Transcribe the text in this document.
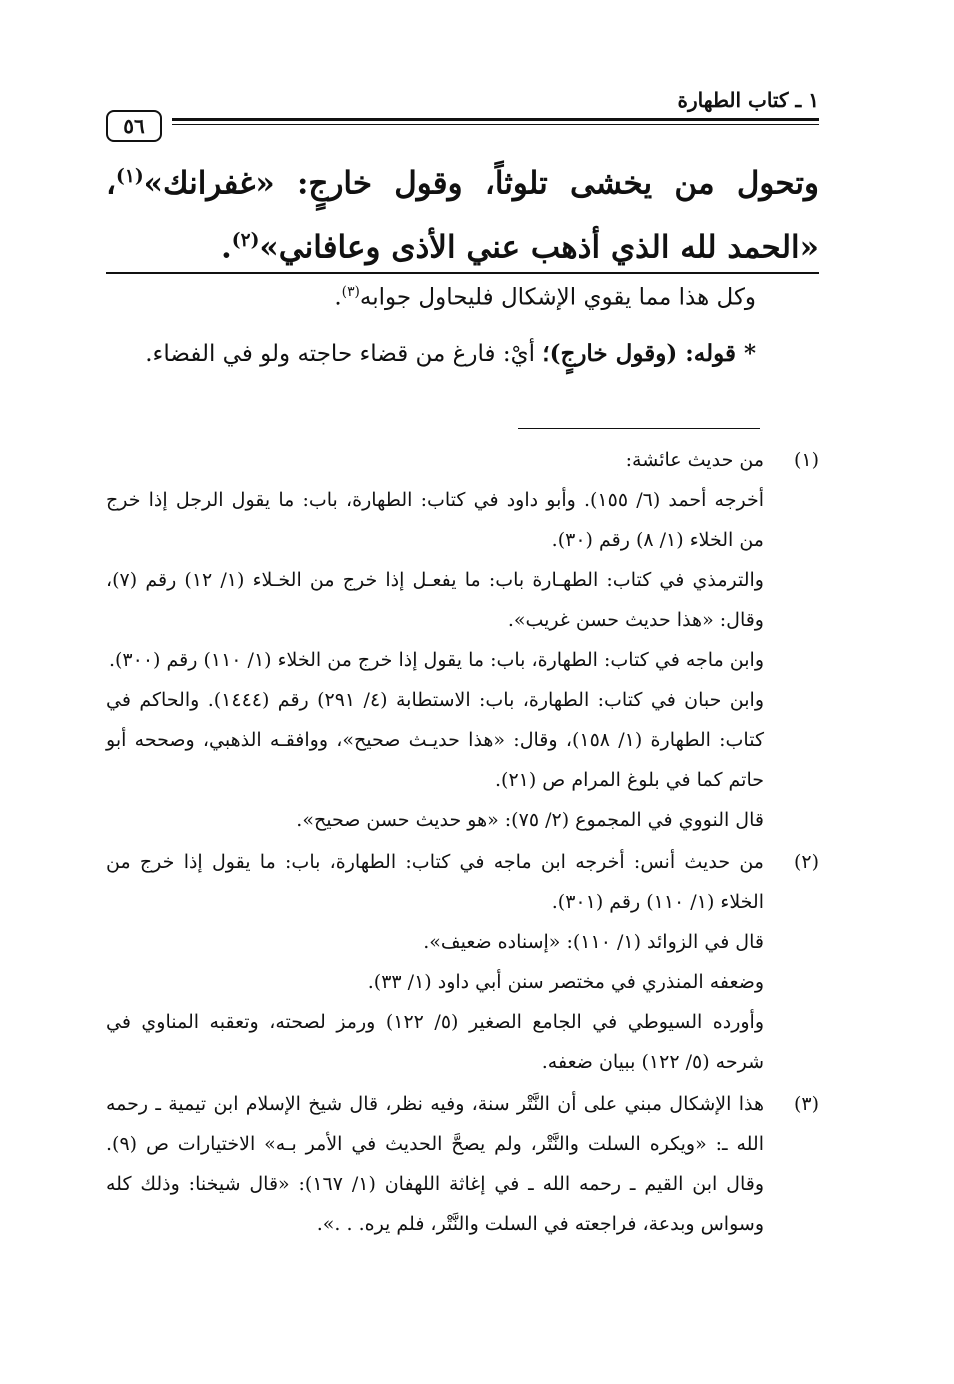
١ ـ كتاب الطهارة
٥٦
وتحول من يخشى تلوثاً، وقول خارجٍ: «غفرانك»$^{(١)}$، «الحمد لله الذي أذهب عني الأذى وعافاني»$^{(٢)}$.
وكل هذا مما يقوي الإشكال فليحاول جوابه$^{(٣)}$.
* قوله: (وقول خارجٍ)؛ أيْ: فارغ من قضاء حاجته ولو في الفضاء.
(١)
من حديث عائشة:
أخرجه أحمد (٦/ ١٥٥). وأبو داود في كتاب: الطهارة، باب: ما يقول الرجل إذا خرج من الخلاء (١/ ٨) رقم (٣٠).
والترمذي في كتاب: الطهـارة باب: ما يفعـل إذا خرج من الخـلاء (١/ ١٢) رقم (٧)، وقال: «هذا حديث حسن غريب».
وابن ماجه في كتاب: الطهارة، باب: ما يقول إذا خرج من الخلاء (١/ ١١٠) رقم (٣٠٠).
وابن حبان في كتاب: الطهارة، باب: الاستطابة (٤/ ٢٩١) رقم (١٤٤٤). والحاكم في كتاب: الطهارة (١/ ١٥٨)، وقال: «هذا حديـث صحيح»، ووافقـه الذهبي، وصححه أبو حاتم كما في بلوغ المرام ص (٢١).
قال النووي في المجموع (٢/ ٧٥): «هو حديث حسن صحيح».
(٢)
من حديث أنس: أخرجه ابن ماجه في كتاب: الطهارة، باب: ما يقول إذا خرج من الخلاء (١/ ١١٠) رقم (٣٠١).
قال في الزوائد (١/ ١١٠): «إسناده ضعيف».
وضعفه المنذري في مختصر سنن أبي داود (١/ ٣٣).
وأورده السيوطي في الجامع الصغير (٥/ ١٢٢) ورمز لصحته، وتعقبه المناوي في شرحه (٥/ ١٢٢) ببيان ضعفه.
(٣)
هذا الإشكال مبني على أن النَّتْر سنة، وفيه نظر، قال شيخ الإسلام ابن تيمية ـ رحمه الله ـ: «ويكره السلت والنَّتْر، ولم يصحَّ الحديث في الأمر بـه» الاختيارات ص (٩). وقال ابن القيم ـ رحمه الله ـ في إغاثة اللهفان (١/ ١٦٧): «قال شيخنا: وذلك كله وسواس وبدعة، فراجعته في السلت والنَّتْر، فلم يره. . .».
